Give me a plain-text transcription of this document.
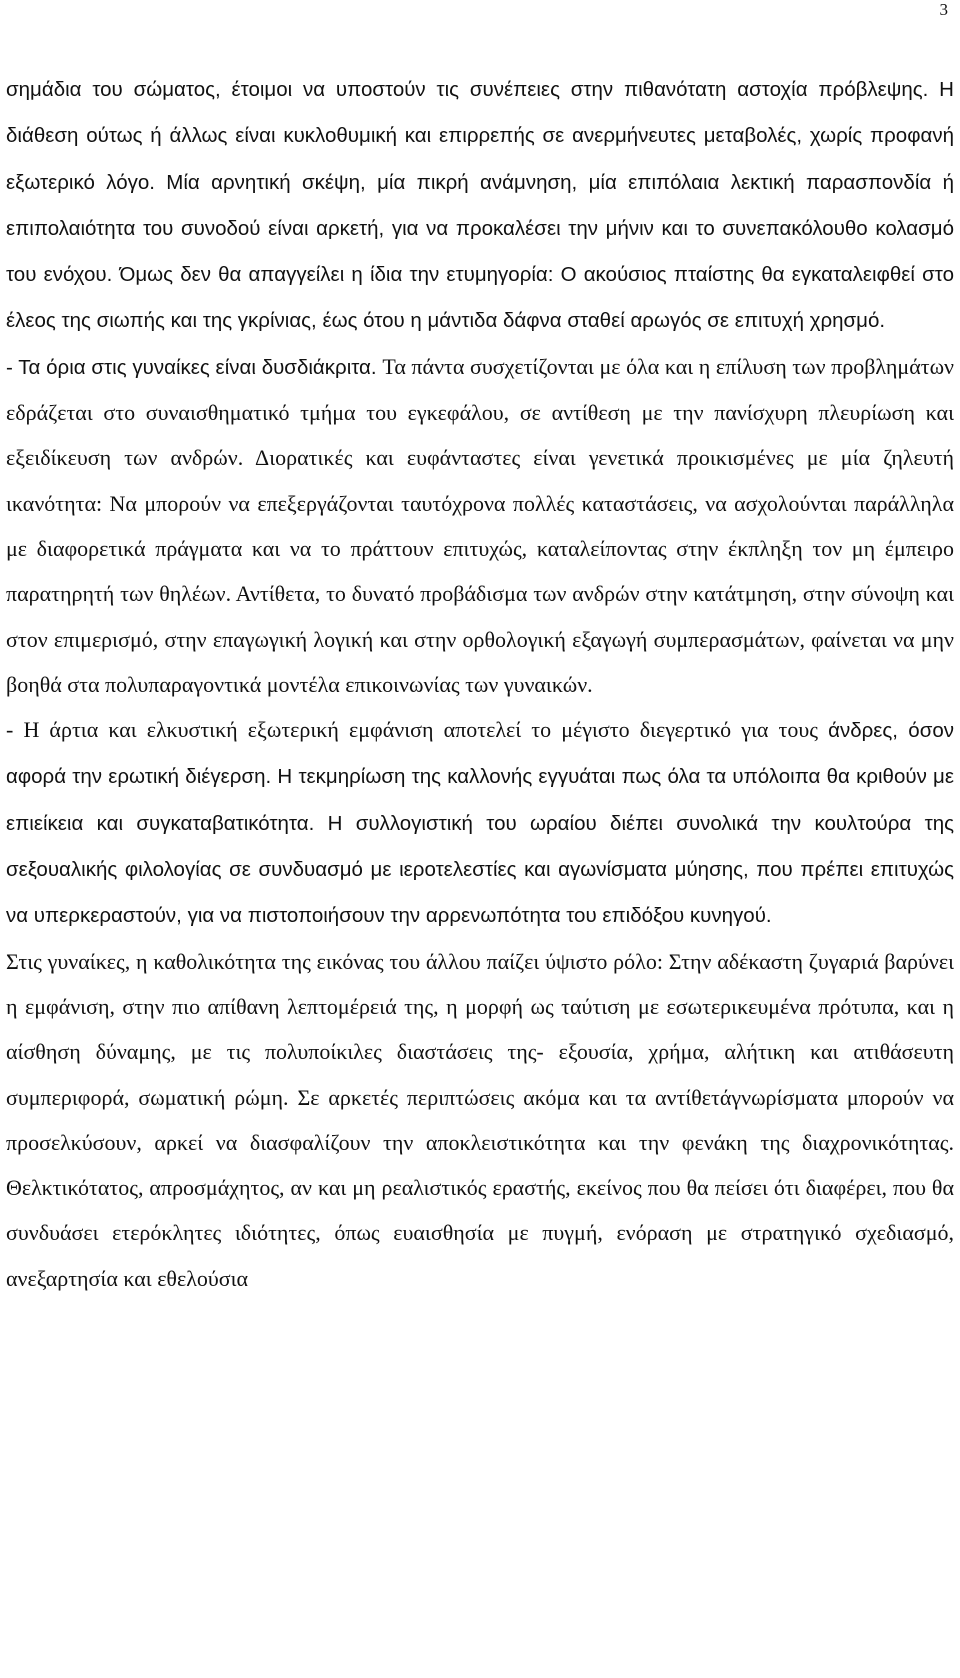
3

σημάδια του σώματος, έτοιμοι να υποστούν τις συνέπειες στην πιθανότατη αστοχία πρόβλεψης. Η διάθεση ούτως ή άλλως είναι κυκλοθυμική και επιρρεπής σε ανερμήνευτες μεταβολές, χωρίς προφανή εξωτερικό λόγο. Μία αρνητική σκέψη, μία πικρή ανάμνηση, μία επιπόλαια λεκτική παρασπονδία ή επιπολαιότητα του συνοδού είναι αρκετή, για να προκαλέσει την μήνιν και το συνεπακόλουθο κολασμό του ενόχου. Όμως δεν θα απαγγείλει η ίδια την ετυμηγορία: Ο ακούσιος πταίστης θα εγκαταλειφθεί στο έλεος της σιωπής και της γκρίνιας, έως ότου η μάντιδα δάφνα σταθεί αρωγός σε επιτυχή χρησμό.

- Τα όρια στις γυναίκες είναι δυσδιάκριτα. Τα πάντα συσχετίζονται με όλα και η επίλυση των προβλημάτων εδράζεται στο συναισθηματικό τμήμα του εγκεφάλου, σε αντίθεση με την πανίσχυρη πλευρίωση και εξειδίκευση των ανδρών. Διορατικές και ευφάνταστες είναι γενετικά προικισμένες με μία ζηλευτή ικανότητα: Να μπορούν να επεξεργάζονται ταυτόχρονα πολλές καταστάσεις, να ασχολούνται παράλληλα με διαφορετικά πράγματα και να το πράττουν επιτυχώς, καταλείποντας στην έκπληξη τον μη έμπειρο παρατηρητή των θηλέων. Αντίθετα, το δυνατό προβάδισμα των ανδρών στην κατάτμηση, στην σύνοψη και στον επιμερισμό, στην επαγωγική λογική και στην ορθολογική εξαγωγή συμπερασμάτων, φαίνεται να μην βοηθά στα πολυπαραγοντικά μοντέλα επικοινωνίας των γυναικών.

- Η άρτια και ελκυστική εξωτερική εμφάνιση αποτελεί το μέγιστο διεγερτικό για τους άνδρες, όσον αφορά την ερωτική διέγερση. Η τεκμηρίωση της καλλονής εγγυάται πως όλα τα υπόλοιπα θα κριθούν με επιείκεια και συγκαταβατικότητα. Η συλλογιστική του ωραίου διέπει συνολικά την κουλτούρα της σεξουαλικής φιλολογίας σε συνδυασμό με ιεροτελεστίες και αγωνίσματα μύησης, που πρέπει επιτυχώς να υπερκεραστούν, για να πιστοποιήσουν την αρρενωπότητα του επιδόξου κυνηγού.

Στις γυναίκες, η καθολικότητα της εικόνας του άλλου παίζει ύψιστο ρόλο: Στην αδέκαστη ζυγαριά βαρύνει η εμφάνιση, στην πιο απίθανη λεπτομέρειά της, η μορφή ως ταύτιση με εσωτερικευμένα πρότυπα, και η αίσθηση δύναμης, με τις πολυποίκιλες διαστάσεις της- εξουσία, χρήμα, αλήτικη και ατιθάσευτη συμπεριφορά, σωματική ρώμη. Σε αρκετές περιπτώσεις ακόμα και τα αντίθετάγνωρίσματα μπορούν να προσελκύσουν, αρκεί να διασφαλίζουν την αποκλειστικότητα και την φενάκη της διαχρονικότητας. Θελκτικότατος, απροσμάχητος, αν και μη ρεαλιστικός εραστής, εκείνος που θα πείσει ότι διαφέρει, που θα συνδυάσει ετερόκλητες ιδιότητες, όπως ευαισθησία με πυγμή, ενόραση με στρατηγικό σχεδιασμό, ανεξαρτησία και εθελούσια
